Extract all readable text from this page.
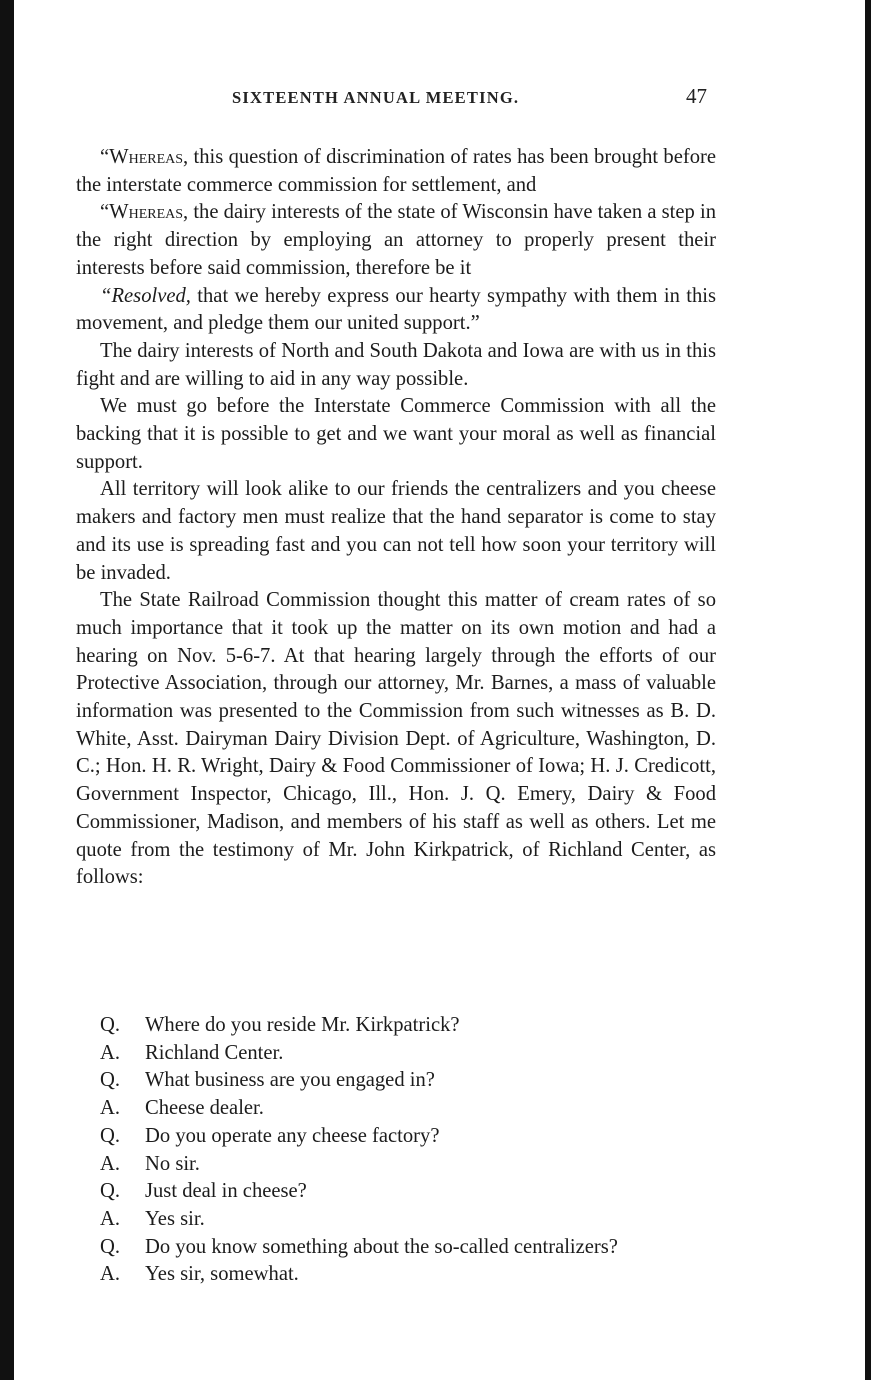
SIXTEENTH ANNUAL MEETING.	47

“Whereas, this question of discrimination of rates has been brought before the interstate commerce commission for settlement, and

“Whereas, the dairy interests of the state of Wisconsin have taken a step in the right direction by employing an attorney to properly present their interests before said commission, therefore be it

“Resolved, that we hereby express our hearty sympathy with them in this movement, and pledge them our united support.”

The dairy interests of North and South Dakota and Iowa are with us in this fight and are willing to aid in any way possible.

We must go before the Interstate Commerce Commission with all the backing that it is possible to get and we want your moral as well as financial support.

All territory will look alike to our friends the centralizers and you cheese makers and factory men must realize that the hand separator is come to stay and its use is spreading fast and you can not tell how soon your territory will be invaded.

The State Railroad Commission thought this matter of cream rates of so much importance that it took up the matter on its own motion and had a hearing on Nov. 5-6-7. At that hearing largely through the efforts of our Protective Association, through our attorney, Mr. Barnes, a mass of valuable information was presented to the Commission from such witnesses as B. D. White, Asst. Dairyman Dairy Division Dept. of Agriculture, Washington, D. C.; Hon. H. R. Wright, Dairy & Food Commissioner of Iowa; H. J. Credicott, Government Inspector, Chicago, Ill., Hon. J. Q. Emery, Dairy & Food Commissioner, Madison, and members of his staff as well as others. Let me quote from the testimony of Mr. John Kirkpatrick, of Richland Center, as follows:

Q.	Where do you reside Mr. Kirkpatrick?
A.	Richland Center.
Q.	What business are you engaged in?
A.	Cheese dealer.
Q.	Do you operate any cheese factory?
A.	No sir.
Q.	Just deal in cheese?
A.	Yes sir.
Q.	Do you know something about the so-called centralizers?
A.	Yes sir, somewhat.
